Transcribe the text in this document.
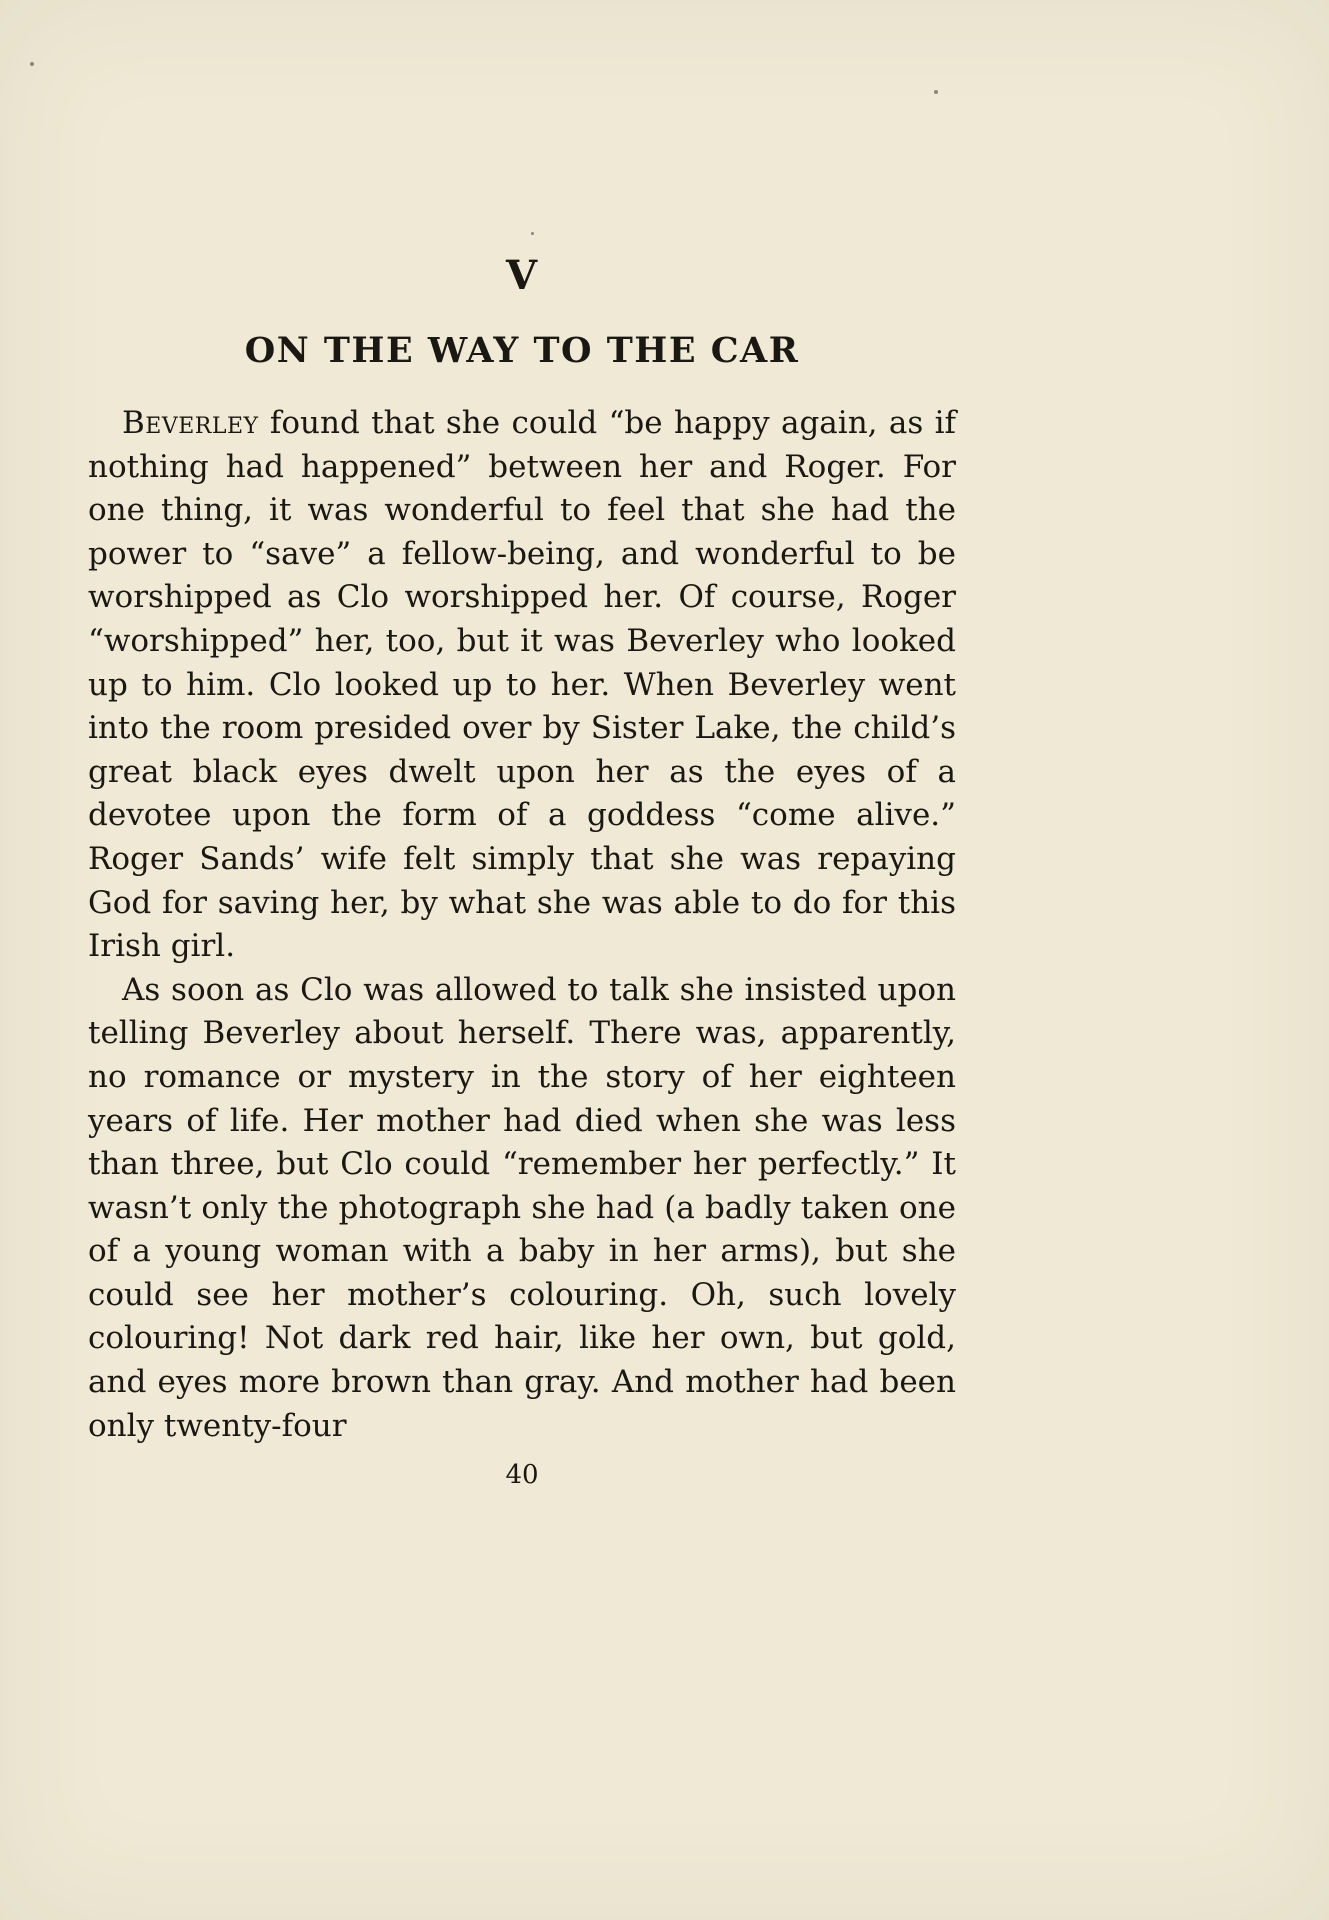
V
ON THE WAY TO THE CAR

Beverley found that she could “be happy again, as if nothing had happened” between her and Roger. For one thing, it was wonderful to feel that she had the power to “save” a fellow-being, and wonderful to be worshipped as Clo worshipped her. Of course, Roger “worshipped” her, too, but it was Beverley who looked up to him. Clo looked up to her. When Beverley went into the room presided over by Sister Lake, the child’s great black eyes dwelt upon her as the eyes of a devotee upon the form of a goddess “come alive.” Roger Sands’ wife felt simply that she was repaying God for saving her, by what she was able to do for this Irish girl.

As soon as Clo was allowed to talk she insisted upon telling Beverley about herself. There was, apparently, no romance or mystery in the story of her eighteen years of life. Her mother had died when she was less than three, but Clo could “remember her perfectly.” It wasn’t only the photograph she had (a badly taken one of a young woman with a baby in her arms), but she could see her mother’s colouring. Oh, such lovely colouring! Not dark red hair, like her own, but gold, and eyes more brown than gray. And mother had been only twenty-four

40
